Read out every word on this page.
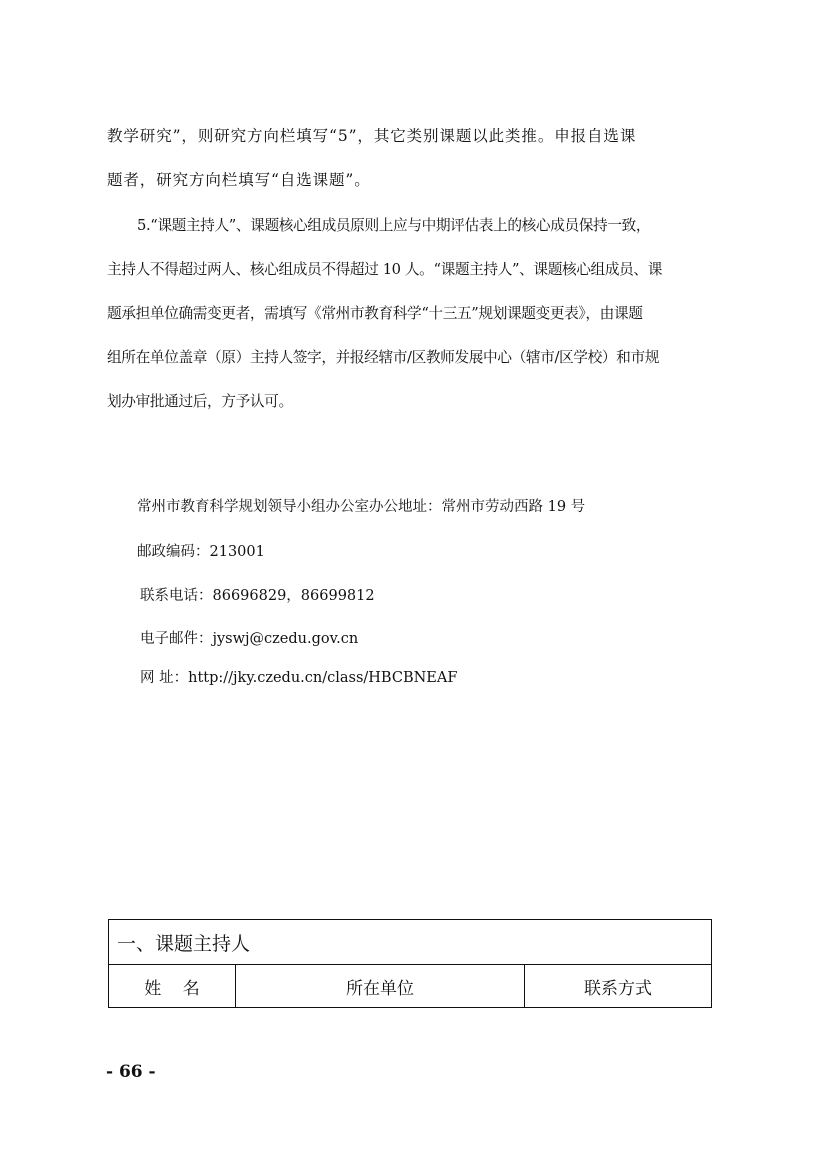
教学研究”，则研究方向栏填写“5”，其它类别课题以此类推。申报自选课
题者，研究方向栏填写“自选课题”。
5.“课题主持人”、课题核心组成员原则上应与中期评估表上的核心成员保持一致，
主持人不得超过两人、核心组成员不得超过 10 人。“课题主持人”、课题核心组成员、课
题承担单位确需变更者，需填写《常州市教育科学“十三五”规划课题变更表》，由课题
组所在单位盖章（原）主持人签字，并报经辖市/区教师发展中心（辖市/区学校）和市规
划办审批通过后，方予认可。
常州市教育科学规划领导小组办公室办公地址：常州市劳动西路 19 号
邮政编码：213001
联系电话：86696829，86699812
电子邮件：jyswj@czedu.gov.cn
网 址：http://jky.czedu.cn/class/HBCBNEAF
一、课题主持人
姓    名	所在单位	联系方式
- 66 -
